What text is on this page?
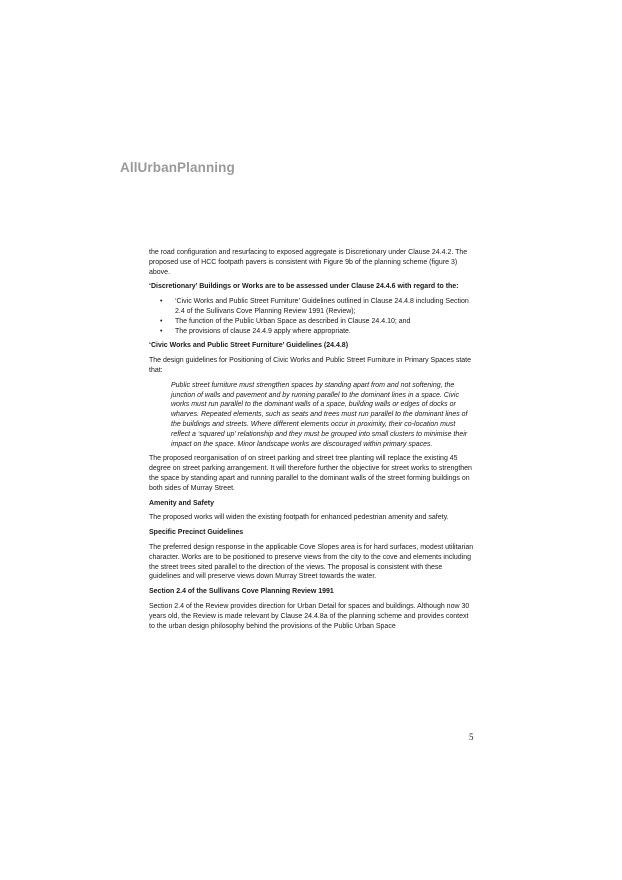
AllUrbanPlanning

the road configuration and resurfacing to exposed aggregate is Discretionary under Clause 24.4.2. The proposed use of HCC footpath pavers is consistent with Figure 9b of the planning scheme (figure 3) above.

‘Discretionary’ Buildings or Works are to be assessed under Clause 24.4.6 with regard to the:

• ‘Civic Works and Public Street Furniture’ Guidelines outlined in Clause 24.4.8 including Section 2.4 of the Sullivans Cove Planning Review 1991 (Review);
• The function of the Public Urban Space as described in Clause 24.4.10; and
• The provisions of clause 24.4.9 apply where appropriate.

‘Civic Works and Public Street Furniture’ Guidelines (24.4.8)

The design guidelines for Positioning of Civic Works and Public Street Furniture in Primary Spaces state that:

Public street furniture must strengthen spaces by standing apart from and not softening, the junction of walls and pavement and by running parallel to the dominant lines in a space. Civic works must run parallel to the dominant walls of a space, building walls or edges of docks or wharves. Repeated elements, such as seats and trees must run parallel to the dominant lines of the buildings and streets. Where different elements occur in proximity, their co-location must reflect a ‘squared up’ relationship and they must be grouped into small clusters to minimise their impact on the space. Minor landscape works are discouraged within primary spaces.

The proposed reorganisation of on street parking and street tree planting will replace the existing 45 degree on street parking arrangement. It will therefore further the objective for street works to strengthen the space by standing apart and running parallel to the dominant walls of the street forming buildings on both sides of Murray Street.

Amenity and Safety

The proposed works will widen the existing footpath for enhanced pedestrian amenity and safety.

Specific Precinct Guidelines

The preferred design response in the applicable Cove Slopes area is for hard surfaces, modest utilitarian character. Works are to be positioned to preserve views from the city to the cove and elements including the street trees sited parallel to the direction of the views. The proposal is consistent with these guidelines and will preserve views down Murray Street towards the water.

Section 2.4 of the Sullivans Cove Planning Review 1991

Section 2.4 of the Review provides direction for Urban Detail for spaces and buildings. Although now 30 years old, the Review is made relevant by Clause 24.4.8a of the planning scheme and provides context to the urban design philosophy behind the provisions of the Public Urban Space

5
